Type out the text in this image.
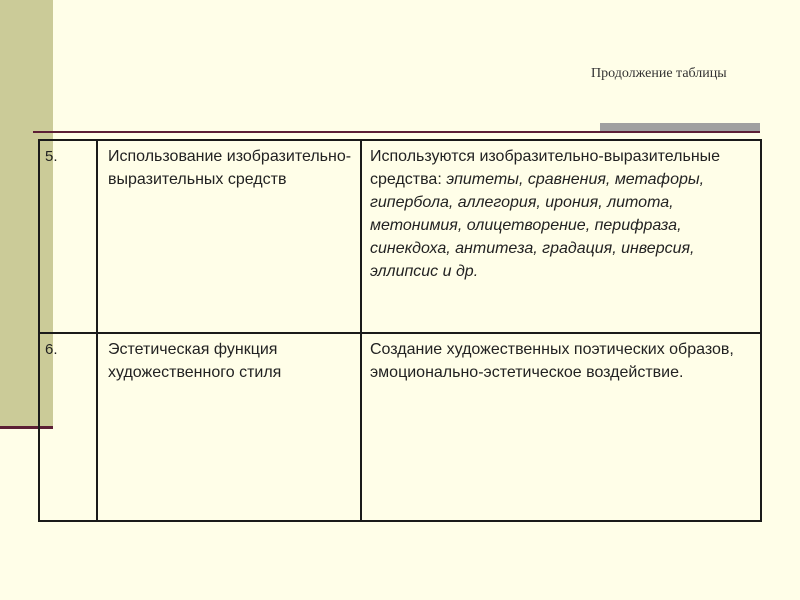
Продолжение таблицы
5.	Использование изобразительно-выразительных средств	Используются изобразительно-выразительные средства: эпитеты, сравнения, метафоры, гипербола, аллегория, ирония, литота, метонимия, олицетворение, перифраза, синекдоха, антитеза, градация, инверсия, эллипсис и др.
6.	Эстетическая функция художественного стиля	Создание художественных поэтических образов, эмоционально-эстетическое воздействие.
